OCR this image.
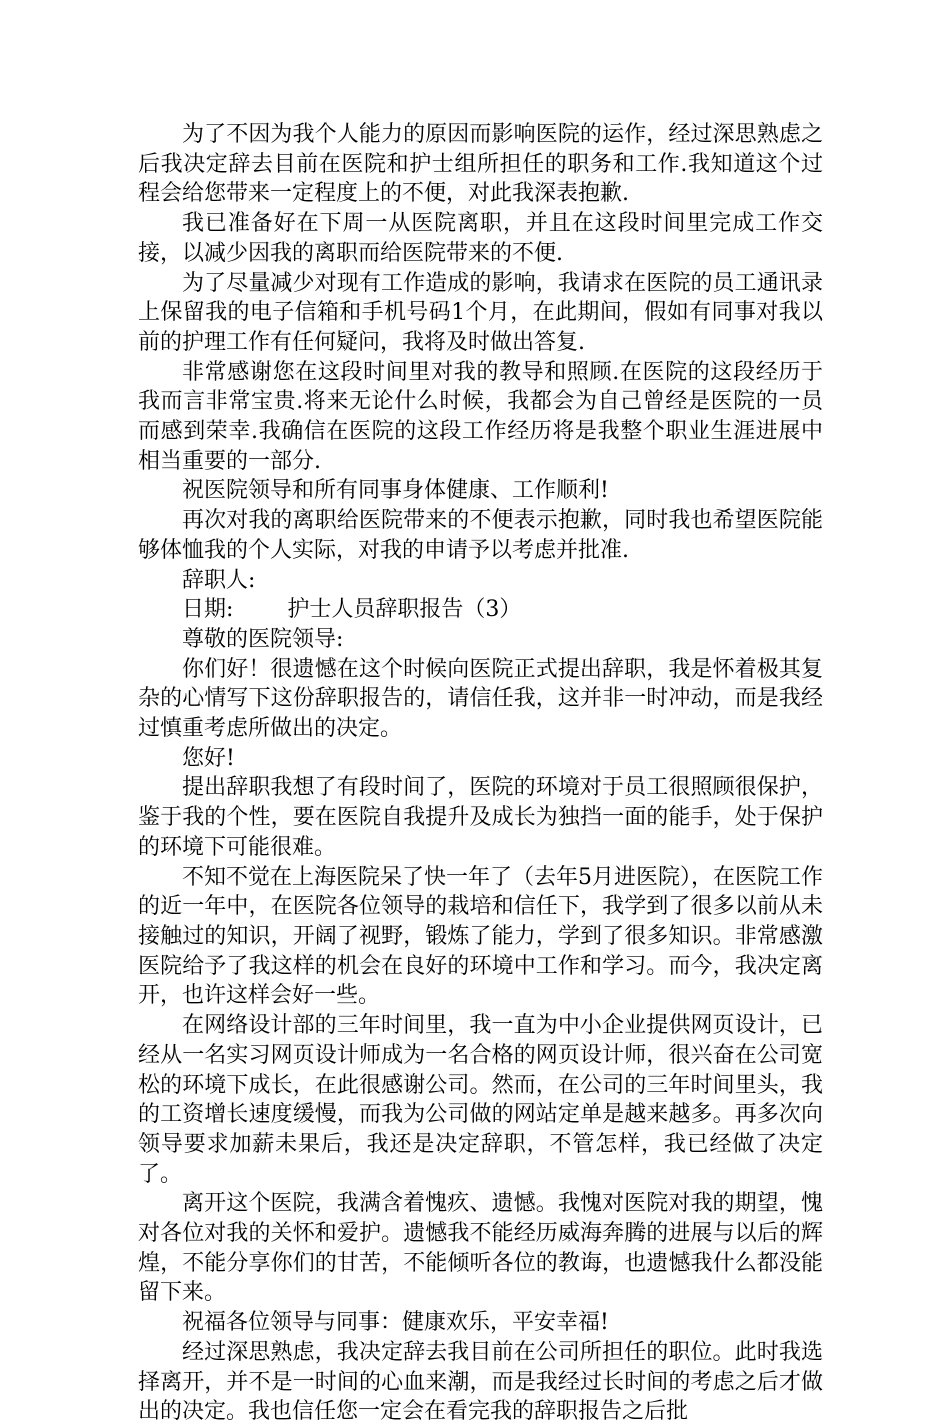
为了不因为我个人能力的原因而影响医院的运作，经过深思熟虑之后我决定辞去目前在医院和护士组所担任的职务和工作.我知道这个过程会给您带来一定程度上的不便，对此我深表抱歉.

我已准备好在下周一从医院离职，并且在这段时间里完成工作交接，以减少因我的离职而给医院带来的不便.

为了尽量减少对现有工作造成的影响，我请求在医院的员工通讯录上保留我的电子信箱和手机号码1个月，在此期间，假如有同事对我以前的护理工作有任何疑问，我将及时做出答复.

非常感谢您在这段时间里对我的教导和照顾.在医院的这段经历于我而言非常宝贵.将来无论什么时候，我都会为自己曾经是医院的一员而感到荣幸.我确信在医院的这段工作经历将是我整个职业生涯进展中相当重要的一部分.

祝医院领导和所有同事身体健康、工作顺利!

再次对我的离职给医院带来的不便表示抱歉，同时我也希望医院能够体恤我的个人实际，对我的申请予以考虑并批准.

辞职人:

日期: 护士人员辞职报告（3）

尊敬的医院领导:

你们好！很遗憾在这个时候向医院正式提出辞职，我是怀着极其复杂的心情写下这份辞职报告的，请信任我，这并非一时冲动，而是我经过慎重考虑所做出的决定。

您好!

提出辞职我想了有段时间了，医院的环境对于员工很照顾很保护，鉴于我的个性，要在医院自我提升及成长为独挡一面的能手，处于保护的环境下可能很难。

不知不觉在上海医院呆了快一年了（去年5月进医院），在医院工作的近一年中，在医院各位领导的栽培和信任下，我学到了很多以前从未接触过的知识，开阔了视野，锻炼了能力，学到了很多知识。非常感激医院给予了我这样的机会在良好的环境中工作和学习。而今，我决定离开，也许这样会好一些。

在网络设计部的三年时间里，我一直为中小企业提供网页设计，已经从一名实习网页设计师成为一名合格的网页设计师，很兴奋在公司宽松的环境下成长，在此很感谢公司。然而，在公司的三年时间里头，我的工资增长速度缓慢，而我为公司做的网站定单是越来越多。再多次向领导要求加薪未果后，我还是决定辞职，不管怎样，我已经做了决定了。

离开这个医院，我满含着愧疚、遗憾。我愧对医院对我的期望，愧对各位对我的关怀和爱护。遗憾我不能经历威海奔腾的进展与以后的辉煌，不能分享你们的甘苦，不能倾听各位的教诲，也遗憾我什么都没能留下来。

祝福各位领导与同事：健康欢乐，平安幸福!

经过深思熟虑，我决定辞去我目前在公司所担任的职位。此时我选择离开，并不是一时间的心血来潮，而是我经过长时间的考虑之后才做出的决定。我也信任您一定会在看完我的辞职报告之后批
